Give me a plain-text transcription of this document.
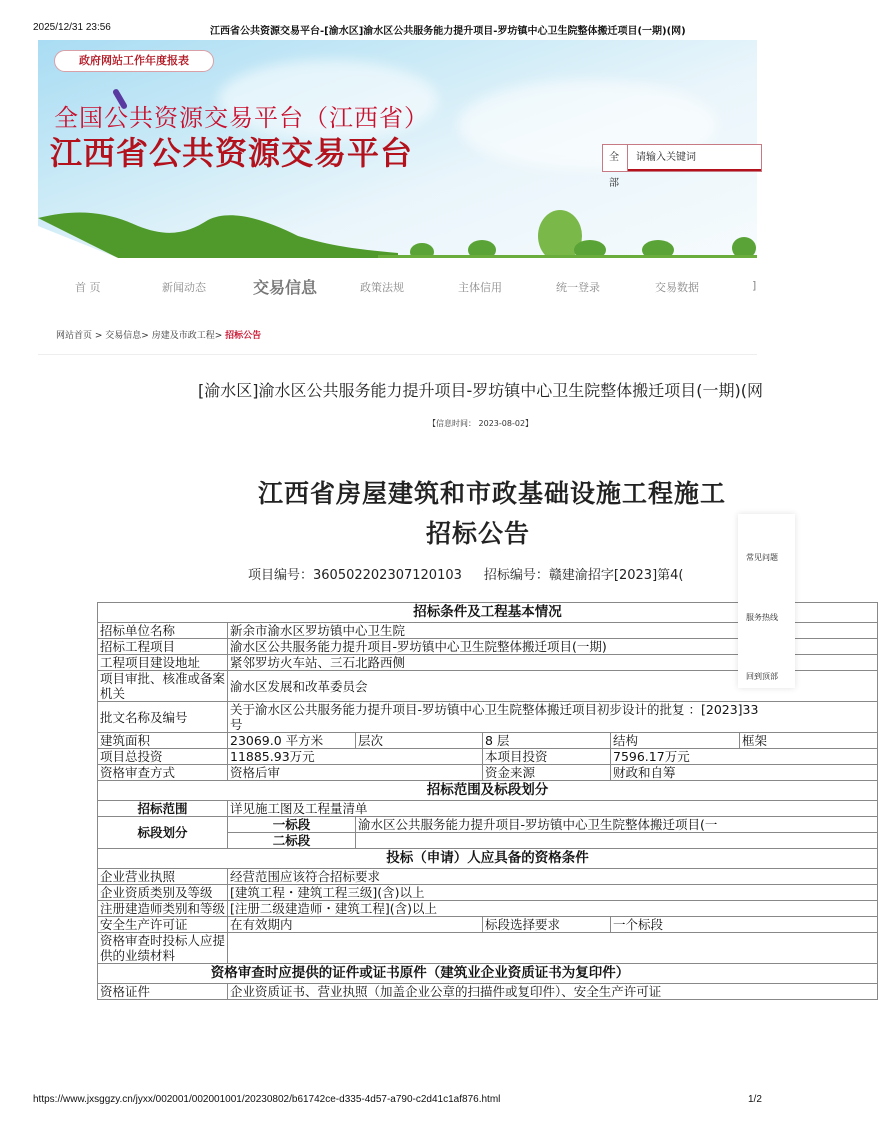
2025/12/31 23:56	江西省公共资源交易平台-[渝水区]渝水区公共服务能力提升项目-罗坊镇中心卫生院整体搬迁项目(一期)(网)
政府网站工作年度报表
全国公共资源交易平台（江西省）
江西省公共资源交易平台	全部
请输入关键词
首 页	新闻动态	交易信息	政策法规	主体信用	统一登录	交易数据	]
网站首页 > 交易信息> 房建及市政工程> 招标公告
[渝水区]渝水区公共服务能力提升项目-罗坊镇中心卫生院整体搬迁项目(一期)(网
【信息时间： 2023-08-02】
江西省房屋建筑和市政基础设施工程施工
招标公告
项目编号：360502202307120103 招标编号：赣建渝招字[2023]第4(
招标条件及工程基本情况					
招标单位名称	新余市渝水区罗坊镇中心卫生院				
招标工程项目	渝水区公共服务能力提升项目-罗坊镇中心卫生院整体搬迁项目(一期)				
工程项目建设地址	紧邻罗坊火车站、三石北路西侧				
项目审批、核准或备案机关	渝水区发展和改革委员会				
批文名称及编号	关于渝水区公共服务能力提升项目-罗坊镇中心卫生院整体搬迁项目初步设计的批复 ：[2023]33号				

建筑面积	23069.0 平方米	层次	8 层	结构	框架
项目总投资	11885.93万元		本项目投资	7596.17万元	
资格审查方式	资格后审		资金来源	财政和自筹	
招标范围及标段划分					
招标范围	详见施工图及工程量清单				
标段划分	一标段	渝水区公共服务能力提升项目-罗坊镇中心卫生院整体搬迁项目(一			
	二标段				
投标（申请）人应具备的资格条件					
企业营业执照	经营范围应该符合招标要求				
企业资质类别及等级	[建筑工程・建筑工程三级](含)以上				
注册建造师类别和等级	[注册二级建造师・建筑工程](含)以上				
安全生产许可证	在有效期内		标段选择要求	一个标段	
资格审查时投标人应提供的业绩材料					

资格审查时应提供的证件或证书原件（建筑业企业资质证书为复印件）					

资格证件	企业资质证书、营业执照（加盖企业公章的扫描件或复印件）、安全生产许可证				
常见问题
服务热线
回到顶部
https://www.jxsggzy.cn/jyxx/002001/002001001/20230802/b61742ce-d335-4d57-a790-c2d41c1af876.html	1/2
